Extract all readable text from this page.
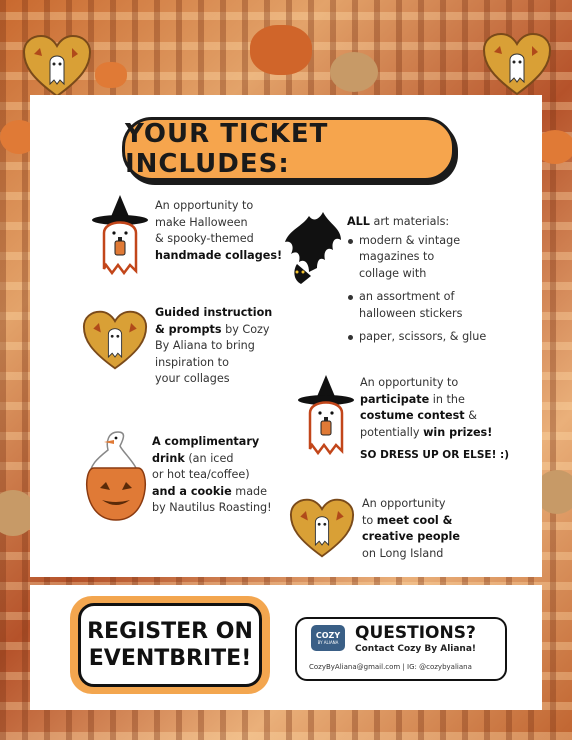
YOUR TICKET INCLUDES:
An opportunity to
make Halloween
& spooky-themed
handmade collages!
Guided instruction
& prompts by Cozy
By Aliana to bring
inspiration to
your collages
A complimentary
drink (an iced
or hot tea/coffee)
and a cookie made
by Nautilus Roasting!
ALL art materials:
modern & vintage
magazines to
collage with
an assortment of
halloween stickers
paper, scissors, & glue
An opportunity to
participate in the
costume contest &
potentially win prizes!
SO DRESS UP OR ELSE! :)
An opportunity
to meet cool &
creative people
on Long Island
REGISTER ON
EVENTBRITE!
COZY
BY ALIANA QUESTIONS?
Contact Cozy By Aliana!
CozyByAliana@gmail.com | IG: @cozybyaliana
